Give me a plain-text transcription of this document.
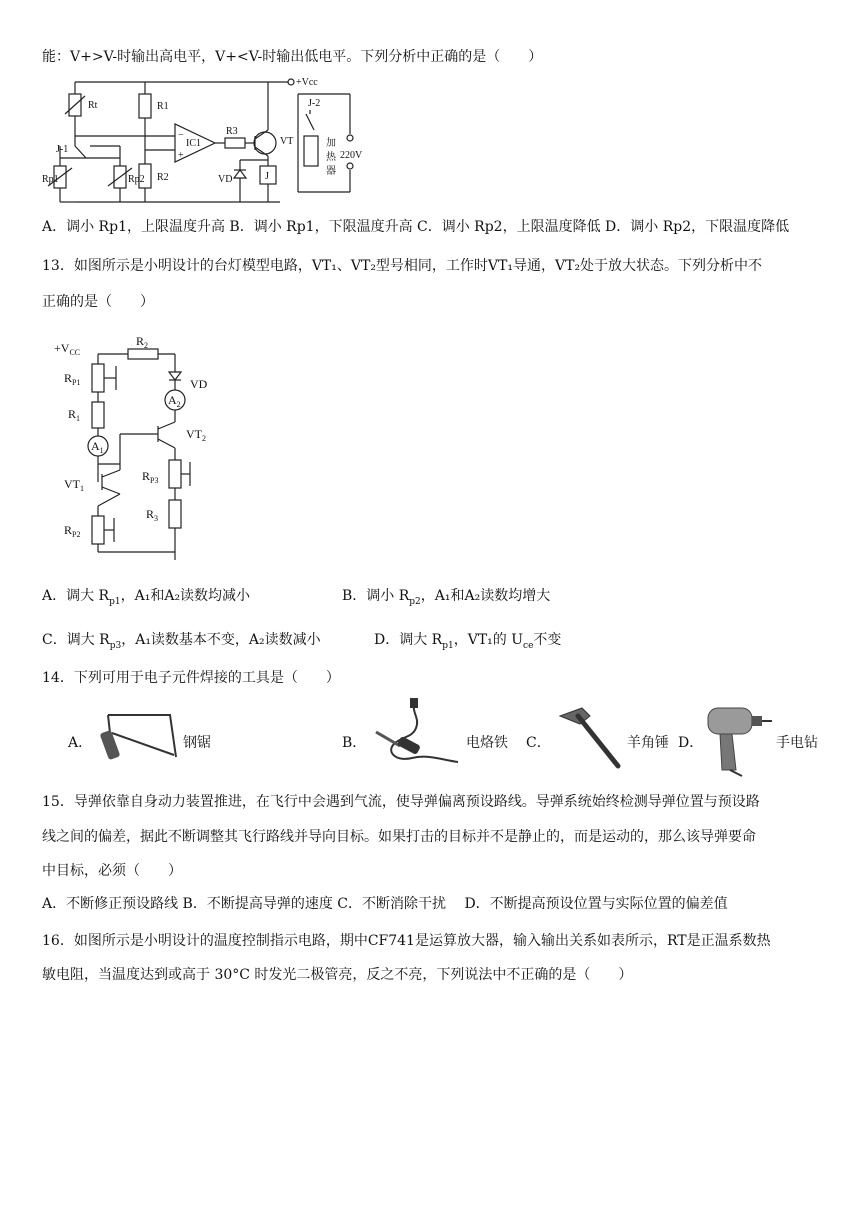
能：V+>V-时输出高电平，V+<V-时输出低电平。下列分析中正确的是（　　）
+Vcc
Rt	R1
R2
R3
IC1
−
+
VT
VD	J
J-1
J-2
Rp1	Rp2
加
热
器
220V
A．调小 Rp1，上限温度升高 B．调小 Rp1，下限温度升高 C．调小 Rp2，上限温度降低 D．调小 Rp2，下限温度降低
13．如图所示是小明设计的台灯模型电路，VT₁、VT₂型号相同，工作时VT₁导通，VT₂处于放大状态。下列分析中不
正确的是（　　）
$+V_{CC}$
$R_2$
$R_{P1}$
$R_1$
$A_1$
$A_2$
VD
$VT_2$
$VT_1$
$R_{P3}$
$R_3$
$R_{P2}$
A．调大 $R_{p1}$，A₁和A₂读数均减小	B．调小 $R_{p2}$，A₁和A₂读数均增大
C．调大 $R_{p3}$，A₁读数基本不变，A₂读数减小	D．调大 $R_{p1}$，VT₁的 $U_{ce}$不变
14．下列可用于电子元件焊接的工具是（　　）
A．	钢锯	B．	电烙铁 C．	羊角锤 D．	手电钻
15．导弹依靠自身动力装置推进，在飞行中会遇到气流，使导弹偏离预设路线。导弹系统始终检测导弹位置与预设路
线之间的偏差，据此不断调整其飞行路线并导向目标。如果打击的目标并不是静止的，而是运动的，那么该导弹要命
中目标，必须（　　）
A．不断修正预设路线 B．不断提高导弹的速度 C．不断消除干扰　 D．不断提高预设位置与实际位置的偏差值
16．如图所示是小明设计的温度控制指示电路，期中CF741是运算放大器，输入输出关系如表所示，RT是正温系数热
敏电阻，当温度达到或高于 30°C 时发光二极管亮，反之不亮，下列说法中不正确的是（　　）
